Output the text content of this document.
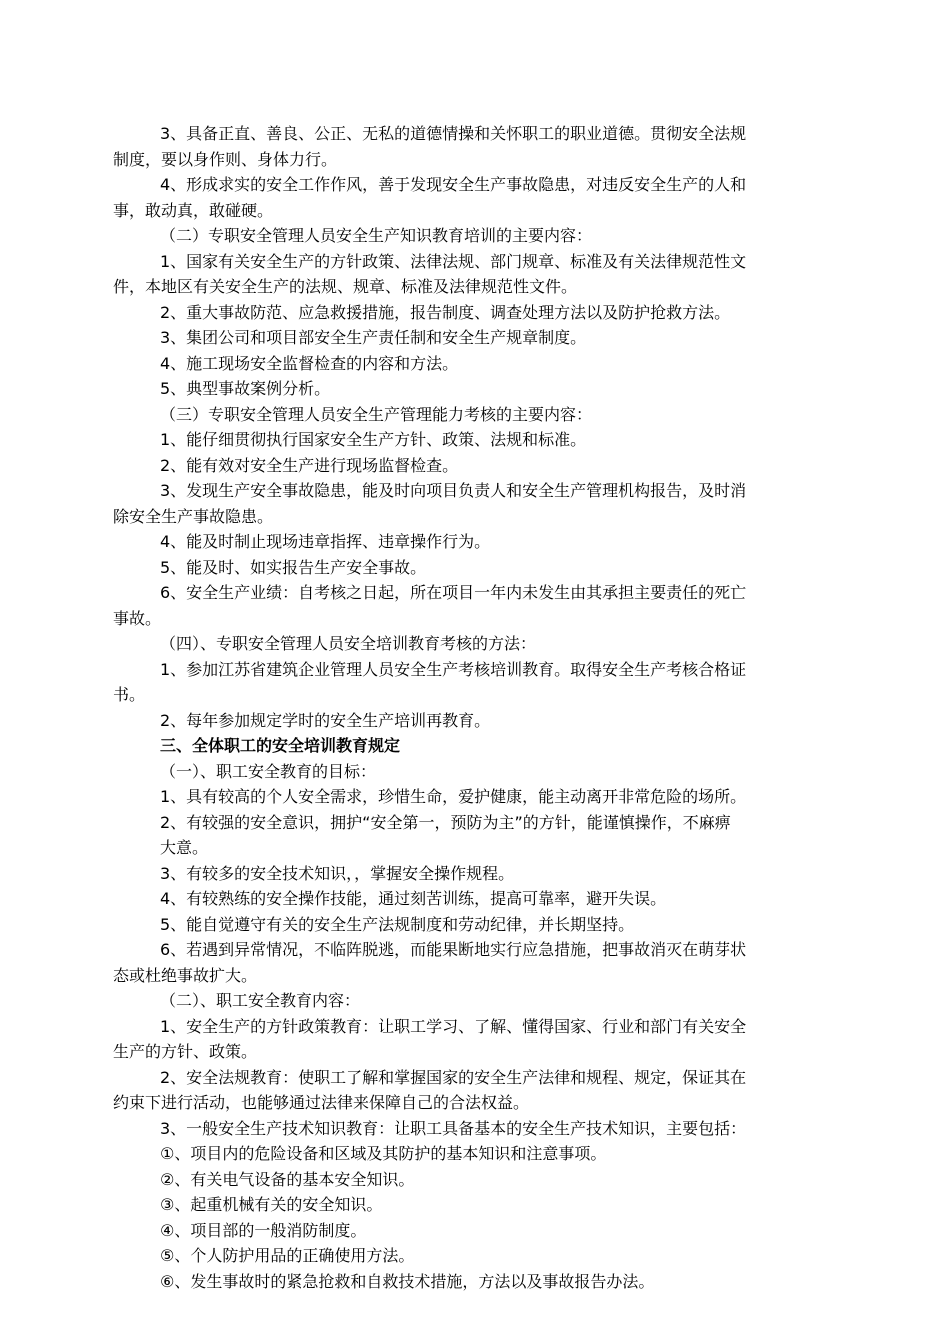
3、具备正直、善良、公正、无私的道德情操和关怀职工的职业道德。贯彻安全法规
制度，要以身作则、身体力行。
4、形成求实的安全工作作风，善于发现安全生产事故隐患，对违反安全生产的人和
事，敢动真，敢碰硬。
（二）专职安全管理人员安全生产知识教育培训的主要内容：
1、国家有关安全生产的方针政策、法律法规、部门规章、标准及有关法律规范性文
件，本地区有关安全生产的法规、规章、标准及法律规范性文件。
2、重大事故防范、应急救援措施，报告制度、调查处理方法以及防护抢救方法。
3、集团公司和项目部安全生产责任制和安全生产规章制度。
4、施工现场安全监督检查的内容和方法。
5、典型事故案例分析。
（三）专职安全管理人员安全生产管理能力考核的主要内容：
1、能仔细贯彻执行国家安全生产方针、政策、法规和标准。
2、能有效对安全生产进行现场监督检查。
3、发现生产安全事故隐患，能及时向项目负责人和安全生产管理机构报告，及时消
除安全生产事故隐患。
4、能及时制止现场违章指挥、违章操作行为。
5、能及时、如实报告生产安全事故。
6、安全生产业绩：自考核之日起，所在项目一年内未发生由其承担主要责任的死亡
事故。
（四）、专职安全管理人员安全培训教育考核的方法：
1、参加江苏省建筑企业管理人员安全生产考核培训教育。取得安全生产考核合格证
书。
2、每年参加规定学时的安全生产培训再教育。
三、全体职工的安全培训教育规定
（一）、职工安全教育的目标：
1、具有较高的个人安全需求，珍惜生命，爱护健康，能主动离开非常危险的场所。
2、有较强的安全意识，拥护“安全第一，预防为主”的方针，能谨慎操作，不麻痹
大意。
3、有较多的安全技术知识，，掌握安全操作规程。
4、有较熟练的安全操作技能，通过刻苦训练，提高可靠率，避开失误。
5、能自觉遵守有关的安全生产法规制度和劳动纪律，并长期坚持。
6、若遇到异常情况，不临阵脱逃，而能果断地实行应急措施，把事故消灭在萌芽状
态或杜绝事故扩大。
（二）、职工安全教育内容：
1、安全生产的方针政策教育：让职工学习、了解、懂得国家、行业和部门有关安全
生产的方针、政策。
2、安全法规教育：使职工了解和掌握国家的安全生产法律和规程、规定，保证其在
约束下进行活动，也能够通过法律来保障自己的合法权益。
3、一般安全生产技术知识教育：让职工具备基本的安全生产技术知识，主要包括：
①、项目内的危险设备和区域及其防护的基本知识和注意事项。
②、有关电气设备的基本安全知识。
③、起重机械有关的安全知识。
④、项目部的一般消防制度。
⑤、个人防护用品的正确使用方法。
⑥、发生事故时的紧急抢救和自救技术措施，方法以及事故报告办法。
